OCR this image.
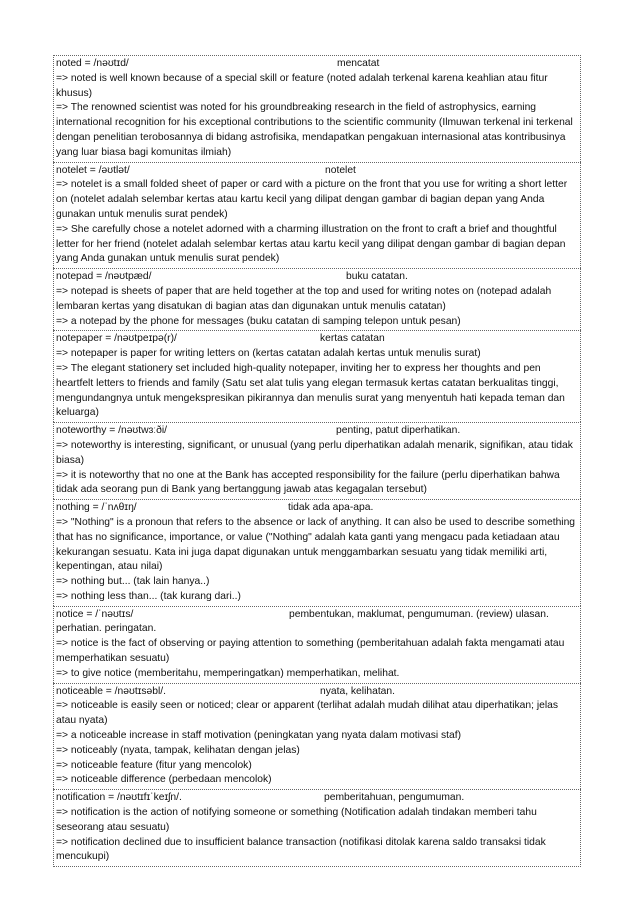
noted = /nəʊtɪd/	mencatat

=> noted is well known because of a special skill or feature (noted adalah terkenal karena keahlian atau fitur khusus)

=> The renowned scientist was noted for his groundbreaking research in the field of astrophysics, earning international recognition for his exceptional contributions to the scientific community (Ilmuwan terkenal ini terkenal dengan penelitian terobosannya di bidang astrofisika, mendapatkan pengakuan internasional atas kontribusinya yang luar biasa bagi komunitas ilmiah)

notelet = /əʊtlət/	notelet

=> notelet is a small folded sheet of paper or card with a picture on the front that you use for writing a short letter on (notelet adalah selembar kertas atau kartu kecil yang dilipat dengan gambar di bagian depan yang Anda gunakan untuk menulis surat pendek)

=> She carefully chose a notelet adorned with a charming illustration on the front to craft a brief and thoughtful letter for her friend (notelet adalah selembar kertas atau kartu kecil yang dilipat dengan gambar di bagian depan yang Anda gunakan untuk menulis surat pendek)

notepad = /nəʊtpæd/	buku catatan.

=> notepad is sheets of paper that are held together at the top and used for writing notes on (notepad adalah lembaran kertas yang disatukan di bagian atas dan digunakan untuk menulis catatan)

=> a notepad by the phone for messages (buku catatan di samping telepon untuk pesan)

notepaper = /nəʊtpeɪpə(r)/	kertas catatan

=> notepaper is paper for writing letters on (kertas catatan adalah kertas untuk menulis surat)

=> The elegant stationery set included high-quality notepaper, inviting her to express her thoughts and pen heartfelt letters to friends and family (Satu set alat tulis yang elegan termasuk kertas catatan berkualitas tinggi, mengundangnya untuk mengekspresikan pikirannya dan menulis surat yang menyentuh hati kepada teman dan keluarga)

noteworthy = /nəʊtwɜːði/	penting, patut diperhatikan.

=> noteworthy is interesting, significant, or unusual (yang perlu diperhatikan adalah menarik, signifikan, atau tidak biasa)

=> it is noteworthy that no one at the Bank has accepted responsibility for the failure (perlu diperhatikan bahwa tidak ada seorang pun di Bank yang bertanggung jawab atas kegagalan tersebut)

nothing = /ˈnʌθɪŋ/	tidak ada apa-apa.

=> "Nothing" is a pronoun that refers to the absence or lack of anything. It can also be used to describe something that has no significance, importance, or value ("Nothing" adalah kata ganti yang mengacu pada ketiadaan atau kekurangan sesuatu. Kata ini juga dapat digunakan untuk menggambarkan sesuatu yang tidak memiliki arti, kepentingan, atau nilai)

=> nothing but... (tak lain hanya..)

=> nothing less than... (tak kurang dari..)

notice = /ˈnəʊtɪs/	pembentukan, maklumat, pengumuman. (review) ulasan.

perhatian. peringatan.

=> notice is the fact of observing or paying attention to something (pemberitahuan adalah fakta mengamati atau memperhatikan sesuatu)

=> to give notice (memberitahu, memperingatkan) memperhatikan, melihat.

noticeable = /nəʊtɪsəbl/.	nyata, kelihatan.

=> noticeable is easily seen or noticed; clear or apparent (terlihat adalah mudah dilihat atau diperhatikan; jelas atau nyata)

=> a noticeable increase in staff motivation (peningkatan yang nyata dalam motivasi staf)

=> noticeably (nyata, tampak, kelihatan dengan jelas)

=> noticeable feature (fitur yang mencolok)

=> noticeable difference (perbedaan mencolok)

notification = /nəʊtɪfɪˈkeɪʃn/.	pemberitahuan, pengumuman.

=> notification is the action of notifying someone or something (Notification adalah tindakan memberi tahu seseorang atau sesuatu)

=> notification declined due to insufficient balance transaction (notifikasi ditolak karena saldo transaksi tidak mencukupi)
